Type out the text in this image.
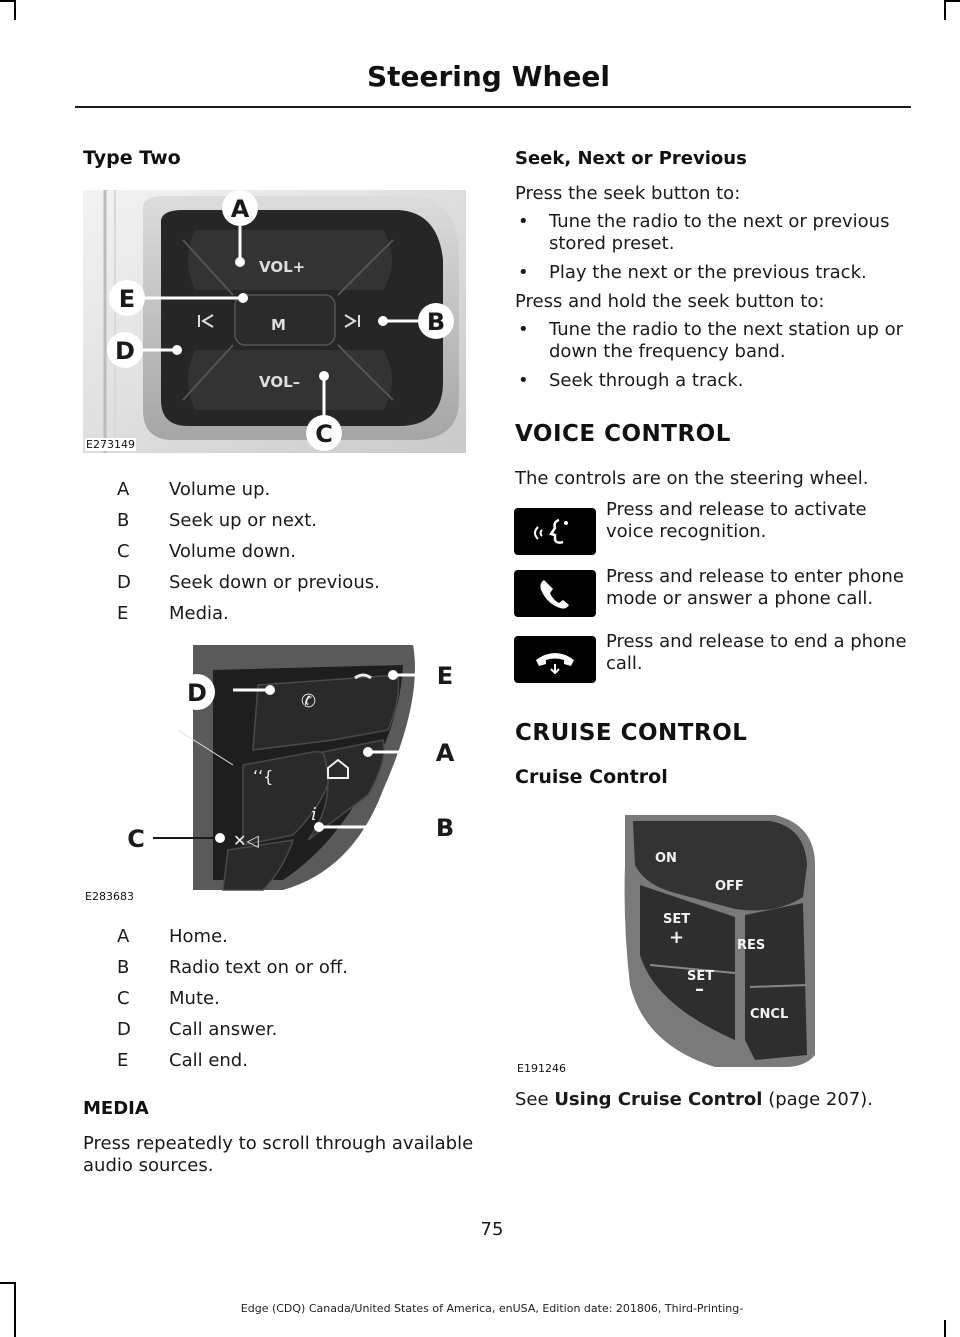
Steering Wheel
Type Two
VOL+
VOL–
M
A
E
B
D
C
E273149
A	Volume up.
B	Seek up or next.
C	Volume down.
D	Seek down or previous.
E	Media.
✆
ʻʻ{
i
✕◁
E
D
A
B
C
E283683
A	Home.
B	Radio text on or off.
C	Mute.
D	Call answer.
E	Call end.
MEDIA
Press repeatedly to scroll through available audio sources.
Seek, Next or Previous
Press the seek button to:
• Tune the radio to the next or previous stored preset.
• Play the next or the previous track.
Press and hold the seek button to:
• Tune the radio to the next station up or down the frequency band.
• Seek through a track.
VOICE CONTROL
The controls are on the steering wheel.
Press and release to activate voice recognition.
Press and release to enter phone mode or answer a phone call.
Press and release to end a phone call.
CRUISE CONTROL
Cruise Control
ON
OFF
SET
+	RES
SET
–
CNCL
E191246
See Using Cruise Control (page 207).
75
Edge (CDQ) Canada/United States of America, enUSA, Edition date: 201806, Third-Printing-
